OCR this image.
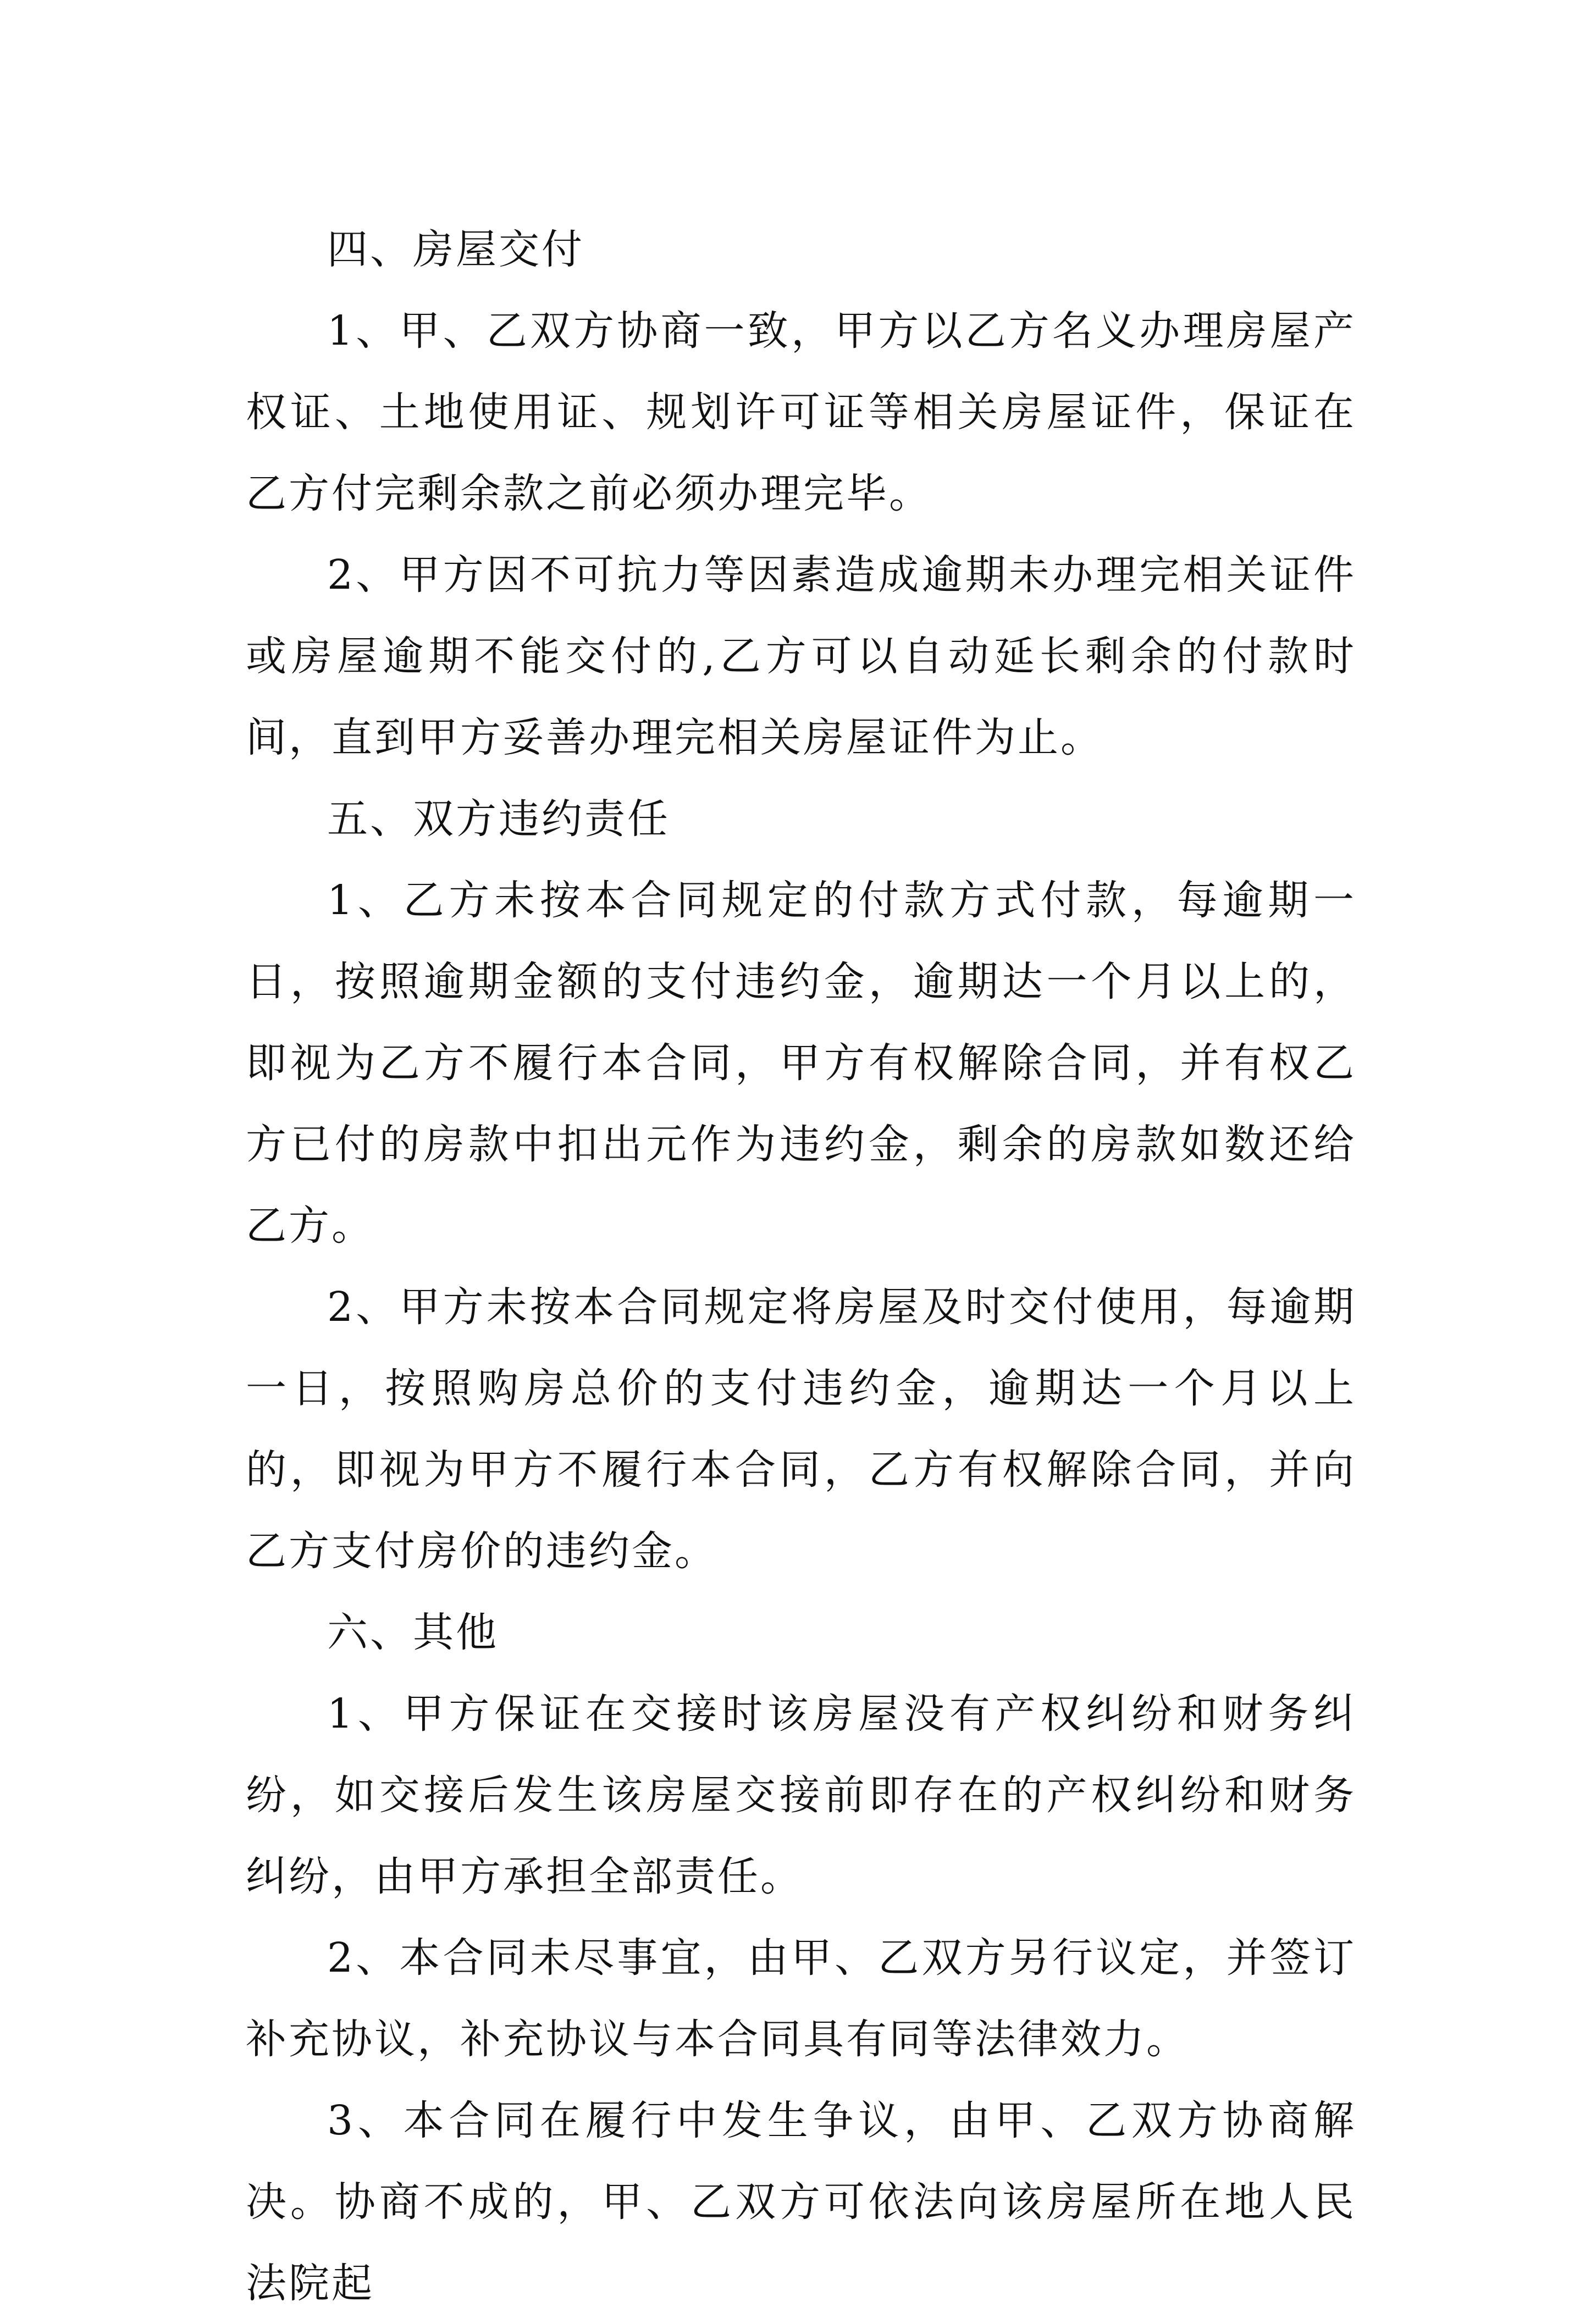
四、房屋交付

1、甲、乙双方协商一致，甲方以乙方名义办理房屋产权证、土地使用证、规划许可证等相关房屋证件，保证在乙方付完剩余款之前必须办理完毕。

2、甲方因不可抗力等因素造成逾期未办理完相关证件或房屋逾期不能交付的,乙方可以自动延长剩余的付款时间，直到甲方妥善办理完相关房屋证件为止。

五、双方违约责任

1、乙方未按本合同规定的付款方式付款，每逾期一日，按照逾期金额的支付违约金，逾期达一个月以上的，即视为乙方不履行本合同，甲方有权解除合同，并有权乙方已付的房款中扣出元作为违约金，剩余的房款如数还给乙方。

2、甲方未按本合同规定将房屋及时交付使用，每逾期一日，按照购房总价的支付违约金，逾期达一个月以上的，即视为甲方不履行本合同，乙方有权解除合同，并向乙方支付房价的违约金。

六、其他

1、甲方保证在交接时该房屋没有产权纠纷和财务纠纷，如交接后发生该房屋交接前即存在的产权纠纷和财务纠纷，由甲方承担全部责任。

2、本合同未尽事宜，由甲、乙双方另行议定，并签订补充协议，补充协议与本合同具有同等法律效力。

3、本合同在履行中发生争议，由甲、乙双方协商解决。协商不成的，甲、乙双方可依法向该房屋所在地人民法院起
